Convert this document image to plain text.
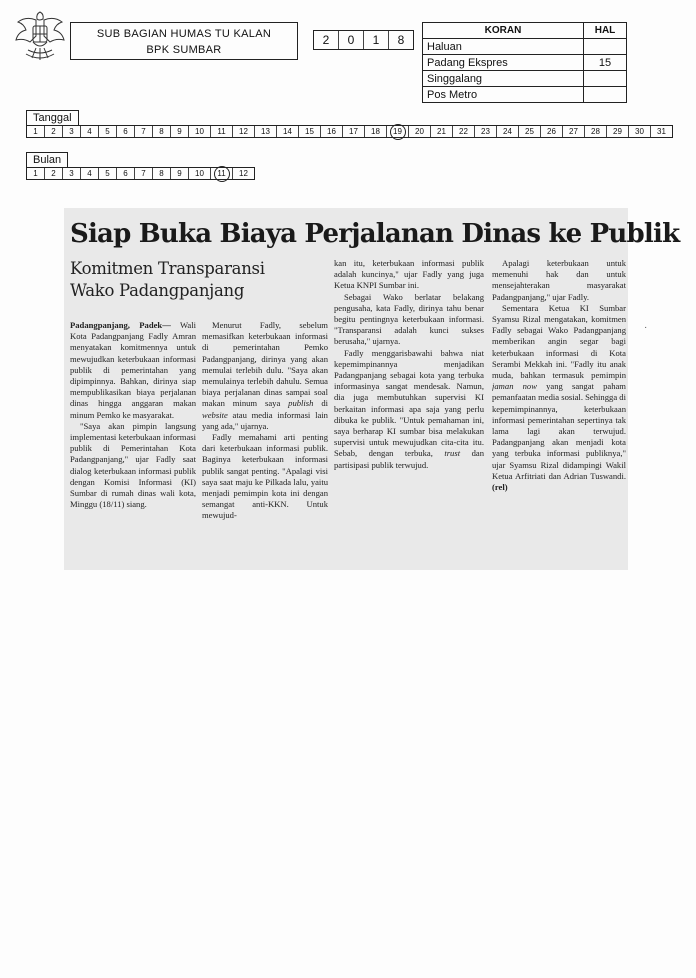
SUB BAGIAN HUMAS TU KALAN
BPK SUMBAR
2	0	1	8
KORAN	HAL
Haluan	
Padang Ekspres	15
Singgalang	
Pos Metro	
Tanggal
1	2	3	4	5	6	7	8	9	10	11	12	13	14	15	16	17	18	19	20	21	22	23	24	25	26	27	28	29	30	31
Bulan
1	2	3	4	5	6	7	8	9	10	11	12
Siap Buka Biaya Perjalanan Dinas ke Publik
Komitmen Transparansi
Wako Padangpanjang

Padangpanjang, Padek— Wali Kota Padangpanjang Fadly Amran menyatakan komitmennya untuk mewujudkan keterbukaan informasi publik di pemerintahan yang dipimpinnya. Bahkan, dirinya siap mempublikasikan biaya perjalanan dinas hingga anggaran makan minum Pemko ke masyarakat.

"Saya akan pimpin langsung implementasi keterbukaan informasi publik di Pemerintahan Kota Padangpanjang," ujar Fadly saat dialog keterbukaan informasi publik dengan Komisi Informasi (KI) Sumbar di rumah dinas wali kota, Minggu (18/11) siang.

Menurut Fadly, sebelum memasifkan keterbukaan informasi di pemerintahan Pemko Padangpanjang, dirinya yang akan memulai terlebih dulu. "Saya akan memulainya terlebih dahulu. Semua biaya perjalanan dinas sampai soal makan minum saya publish di website atau media informasi lain yang ada," ujarnya.

Fadly memahami arti penting dari keterbukaan informasi publik. Baginya keterbukaan informasi publik sangat penting. "Apalagi visi saya saat maju ke Pilkada lalu, yaitu menjadi pemimpin kota ini dengan semangat anti-KKN. Untuk mewujud-

kan itu, keterbukaan informasi publik adalah kuncinya," ujar Fadly yang juga Ketua KNPI Sumbar ini.

Sebagai Wako berlatar belakang pengusaha, kata Fadly, dirinya tahu benar begitu pentingnya keterbukaan informasi. "Transparansi adalah kunci sukses berusaha," ujarnya.

Fadly menggarisbawahi bahwa niat kepemimpinannya menjadikan Padangpanjang sebagai kota yang terbuka informasinya sangat mendesak. Namun, dia juga membutuhkan supervisi KI berkaitan informasi apa saja yang perlu dibuka ke publik. "Untuk pemahaman ini, saya berharap KI sumbar bisa melakukan supervisi untuk mewujudkan cita-cita itu. Sebab, dengan terbuka, trust dan partisipasi publik terwujud.

Apalagi keterbukaan untuk memenuhi hak dan untuk mensejahterakan masyarakat Padangpanjang," ujar Fadly.

Sementara Ketua KI Sumbar Syamsu Rizal mengatakan, komitmen Fadly sebagai Wako Padangpanjang memberikan angin segar bagi keterbukaan informasi di Kota Serambi Mekkah ini. "Fadly itu anak muda, bahkan termasuk pemimpin jaman now yang sangat paham pemanfaatan media sosial. Sehingga di kepemimpinannya, keterbukaan informasi pemerintahan sepertinya tak lama lagi akan terwujud. Padangpanjang akan menjadi kota yang terbuka informasi publiknya," ujar Syamsu Rizal didampingi Wakil Ketua Arfitriati dan Adrian Tuswandi. (rel)

·
